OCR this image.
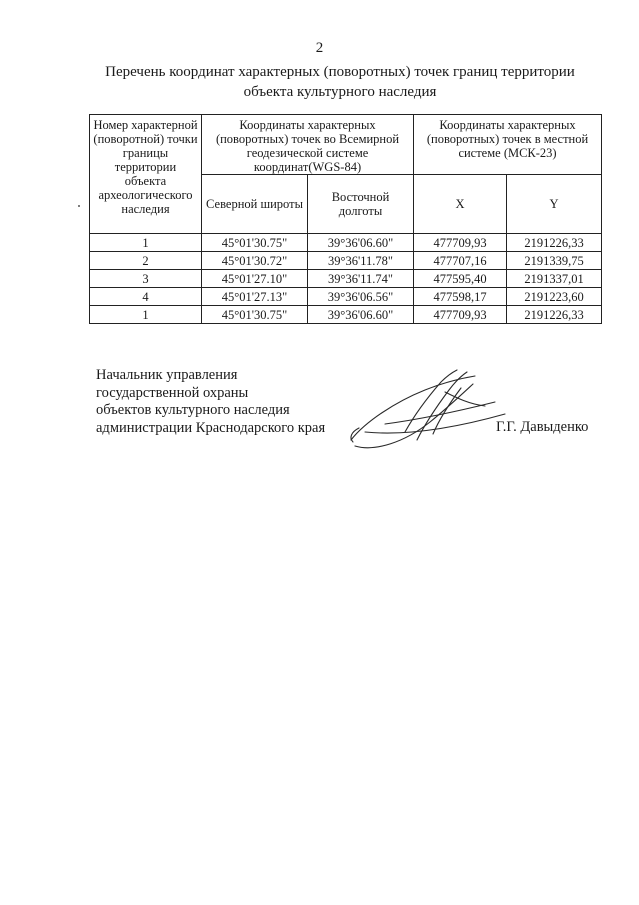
2
Перечень координат характерных (поворотных) точек границ территории
объекта культурного наследия
Номер характерной (поворотной) точки границы территории объекта археологического наследия	Координаты характерных (поворотных) точек во Всемирной геодезической системе координат(WGS-84)		Координаты характерных (поворотных) точек в местной системе (МСК-23)	
	Северной широты	Восточной долготы	X	Y
1	45°01'30.75"	39°36'06.60"	477709,93	2191226,33
2	45°01'30.72"	39°36'11.78"	477707,16	2191339,75
3	45°01'27.10"	39°36'11.74"	477595,40	2191337,01
4	45°01'27.13"	39°36'06.56"	477598,17	2191223,60
1	45°01'30.75"	39°36'06.60"	477709,93	2191226,33
Начальник управления
государственной охраны
объектов культурного наследия
администрации Краснодарского края	Г.Г. Давыденко
